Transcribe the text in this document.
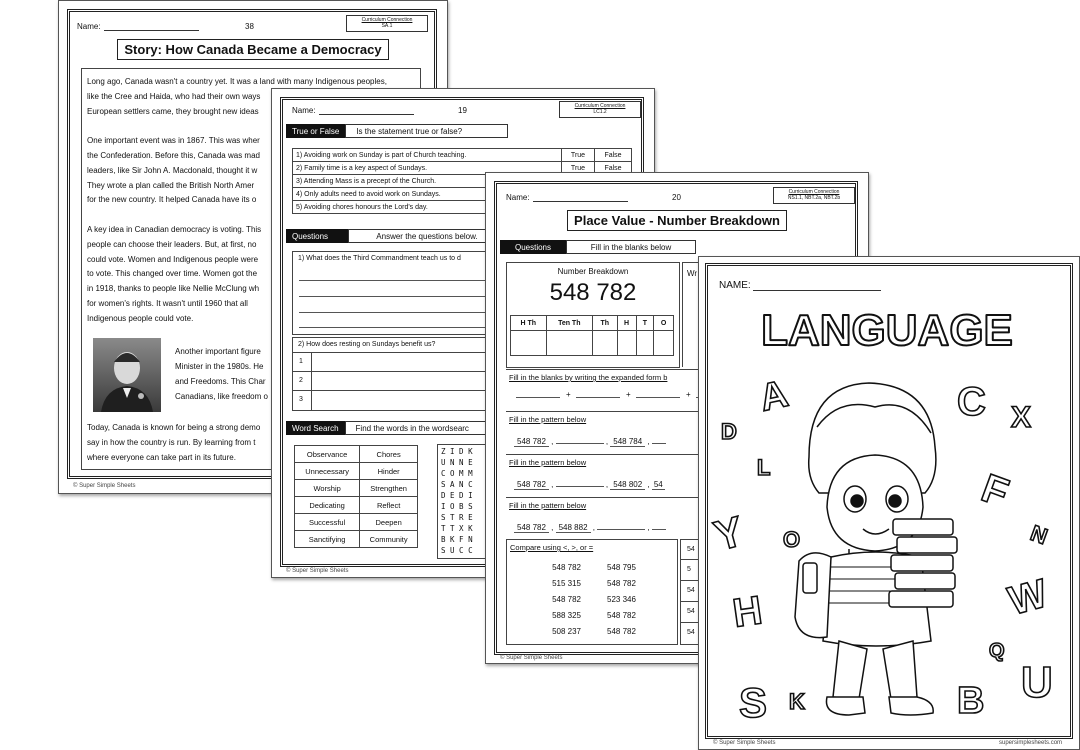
Name:	38
Curriculum Connection
SA.1
Story: How Canada Became a Democracy
Long ago, Canada wasn't a country yet. It was a land with many Indigenous peoples,
like the Cree and Haida, who had their own ways
European settlers came, they brought new ideas

One important event was in 1867. This was wher
the Confederation. Before this, Canada was mad
leaders, like Sir John A. Macdonald, thought it w
They wrote a plan called the British North Amer
for the new country. It helped Canada have its o

A key idea in Canadian democracy is voting. This
people can choose their leaders. But, at first, no
could vote. Women and Indigenous people were
to vote. This changed over time. Women got the
in 1918, thanks to people like Nellie McClung wh
for women's rights. It wasn't until 1960 that all
Indigenous people could vote.
Another important figure
Minister in the 1980s. He
and Freedoms. This Char
Canadians, like freedom o
Today, Canada is known for being a strong demo
say in how the country is run. By learning from t
where everyone can take part in its future.
© Super Simple Sheets
Name:	19	Curriculum Connection
LC1.2
True or False	Is the statement true or false?
1) Avoiding work on Sunday is part of Church teaching.	True	False
2) Family time is a key aspect of Sundays.	True	False
3) Attending Mass is a precept of the Church.		
4) Only adults need to avoid work on Sundays.		
5) Avoiding chores honours the Lord's day.		
Questions	Answer the questions below.
1) What does the Third Commandment teach us to d
2) How does resting on Sundays benefit us?
1
2
3
Word Search	Find the words in the wordsearc
Observance	Chores
Unnecessary	Hinder
Worship	Strengthen
Dedicating	Reflect
Successful	Deepen
Sanctifying	Community
Z I D K
U N N E
C O M M
S A N C
D E D I
I O B S
S T R E
T T X K
B K F N
S U C C
© Super Simple Sheets
Name:	20
Curriculum Connection
NS1.1, NBT.2a, NBT.2b
Place Value - Number Breakdown
Questions	Fill in the blanks below
Number Breakdown
548 782
H Th	Ten Th	Th	H	T	O

Wr
Fill in the blanks by writing the expanded form b
+	+	+
Fill in the pattern below
548 782 ,	, 548 784 ,
Fill in the pattern below
548 782 ,	, 548 802 , 54
Fill in the pattern below
548 782 , 548 882 ,	,
Compare using <, >, or =
548 782	548 795
515 315	548 782
548 782	523 346
588 325	548 782
508 237	548 782
54
5
54
54
54
© Super Simple Sheets
NAME:
LANGUAGE
A	C X
D
L	F
Y O	N
H	W
Q
S K	B U
© Super Simple Sheets	supersimplesheets.com
